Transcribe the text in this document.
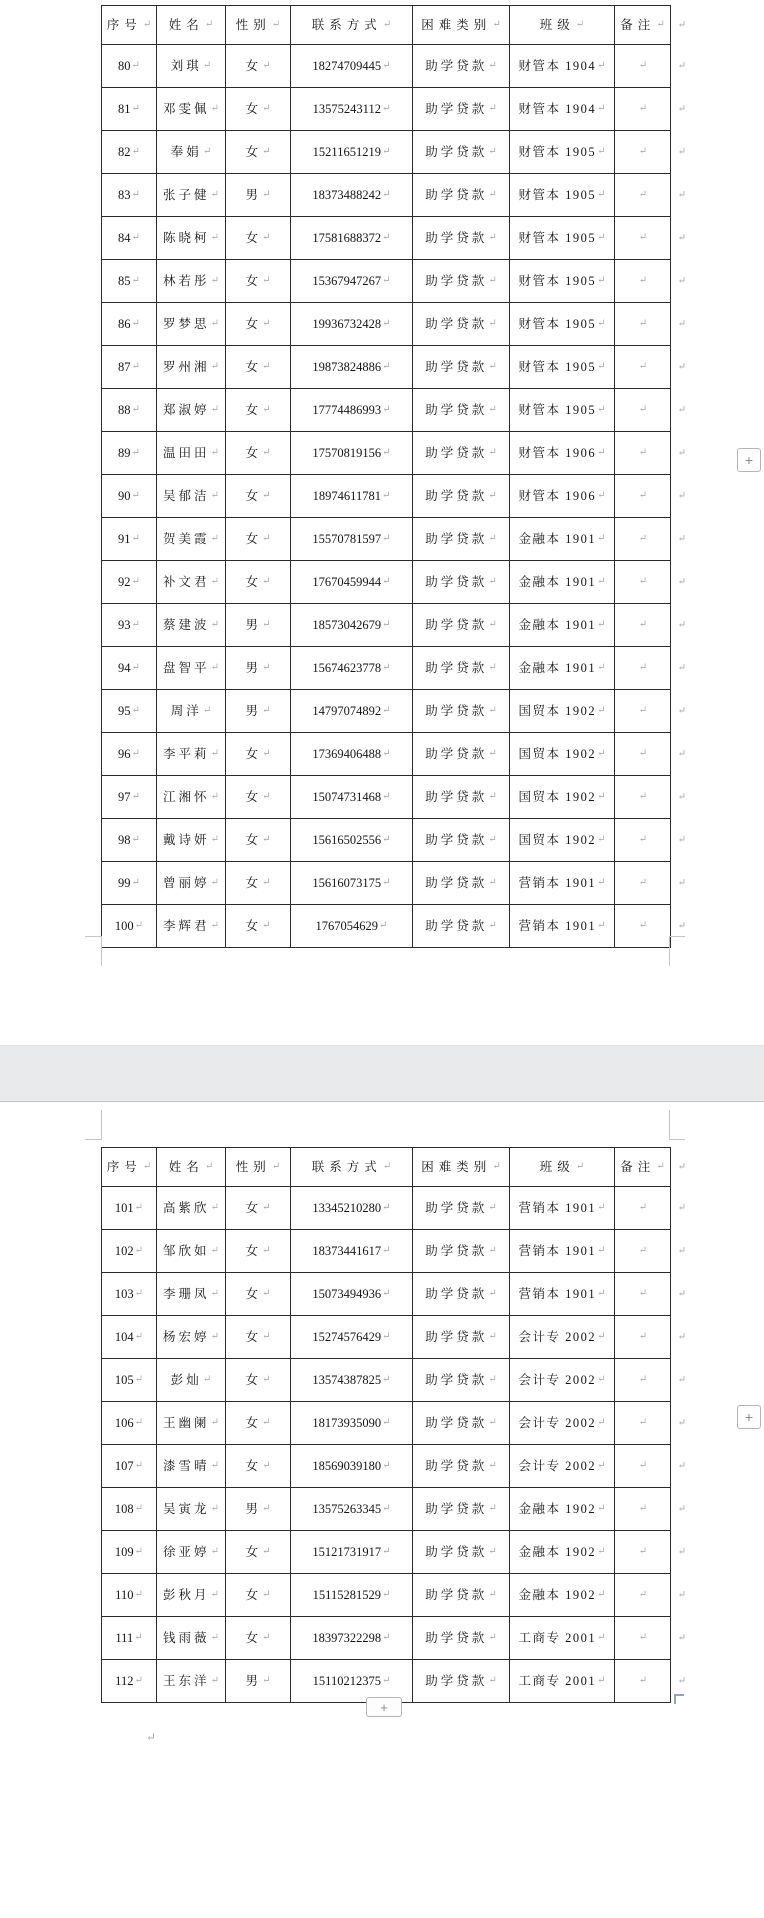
序号 ↵ 姓名 ↵ 性别 ↵	联系方式 ↵ 困难类别 ↵	班级 ↵	备注 ↵ ↵
80 ↵ 刘琪 ↵	女 ↵	18274709445 ↵	助学贷款 ↵ 财管本 1904 ↵	↵	↵
81 ↵ 邓雯佩 ↵ 女 ↵	13575243112 ↵	助学贷款 ↵ 财管本 1904 ↵	↵	↵
82 ↵ 奉娟 ↵	女 ↵	15211651219 ↵	助学贷款 ↵ 财管本 1905 ↵	↵	↵
83 ↵ 张子健 ↵ 男 ↵	18373488242 ↵	助学贷款 ↵ 财管本 1905 ↵	↵	↵
84 ↵ 陈晓柯 ↵ 女 ↵	17581688372 ↵	助学贷款 ↵ 财管本 1905 ↵	↵	↵
85 ↵ 林若彤 ↵ 女 ↵	15367947267 ↵	助学贷款 ↵ 财管本 1905 ↵	↵	↵
86 ↵ 罗梦思 ↵ 女 ↵	19936732428 ↵	助学贷款 ↵ 财管本 1905 ↵	↵	↵
87 ↵ 罗州湘 ↵ 女 ↵	19873824886 ↵	助学贷款 ↵ 财管本 1905 ↵	↵	↵
88 ↵ 郑淑婷 ↵ 女 ↵	17774486993 ↵	助学贷款 ↵ 财管本 1905 ↵	↵	↵
89 ↵ 温田田 ↵ 女 ↵	17570819156 ↵	助学贷款 ↵ 财管本 1906 ↵	↵	↵
90 ↵ 吴郁洁 ↵ 女 ↵	18974611781 ↵	助学贷款 ↵ 财管本 1906 ↵	↵	↵
91 ↵ 贺美霞 ↵ 女 ↵	15570781597 ↵	助学贷款 ↵ 金融本 1901 ↵	↵	↵
92 ↵ 补文君 ↵ 女 ↵	17670459944 ↵	助学贷款 ↵ 金融本 1901 ↵	↵	↵
93 ↵ 蔡建波 ↵ 男 ↵	18573042679 ↵	助学贷款 ↵ 金融本 1901 ↵	↵	↵
94 ↵ 盘智平 ↵ 男 ↵	15674623778 ↵	助学贷款 ↵ 金融本 1901 ↵	↵	↵
95 ↵ 周洋 ↵	男 ↵	14797074892 ↵	助学贷款 ↵ 国贸本 1902 ↵	↵	↵
96 ↵ 李平莉 ↵ 女 ↵	17369406488 ↵	助学贷款 ↵ 国贸本 1902 ↵	↵	↵
97 ↵ 江湘怀 ↵ 女 ↵	15074731468 ↵	助学贷款 ↵ 国贸本 1902 ↵	↵	↵
98 ↵ 戴诗妍 ↵ 女 ↵	15616502556 ↵	助学贷款 ↵ 国贸本 1902 ↵	↵	↵
99 ↵ 曾丽婷 ↵ 女 ↵	15616073175 ↵	助学贷款 ↵ 营销本 1901 ↵	↵	↵
100 ↵ 李辉君 ↵ 女 ↵	1767054629 ↵	助学贷款 ↵ 营销本 1901 ↵	↵	↵
序号 ↵ 姓名 ↵ 性别 ↵	联系方式 ↵ 困难类别 ↵	班级 ↵	备注 ↵ ↵
101 ↵ 高紫欣 ↵ 女 ↵	13345210280 ↵	助学贷款 ↵ 营销本 1901 ↵	↵	↵
102 ↵ 邹欣如 ↵ 女 ↵	18373441617 ↵	助学贷款 ↵ 营销本 1901 ↵	↵	↵
103 ↵ 李珊凤 ↵ 女 ↵	15073494936 ↵	助学贷款 ↵ 营销本 1901 ↵	↵	↵
104 ↵ 杨宏婷 ↵ 女 ↵	15274576429 ↵	助学贷款 ↵ 会计专 2002 ↵	↵	↵
105 ↵ 彭灿 ↵	女 ↵	13574387825 ↵	助学贷款 ↵ 会计专 2002 ↵	↵	↵
106 ↵ 王幽阑 ↵ 女 ↵	18173935090 ↵	助学贷款 ↵ 会计专 2002 ↵	↵	↵
107 ↵ 漆雪晴 ↵ 女 ↵	18569039180 ↵	助学贷款 ↵ 会计专 2002 ↵	↵	↵
108 ↵ 吴寅龙 ↵ 男 ↵	13575263345 ↵	助学贷款 ↵ 金融本 1902 ↵	↵	↵
109 ↵ 徐亚婷 ↵ 女 ↵	15121731917 ↵	助学贷款 ↵ 金融本 1902 ↵	↵	↵
110 ↵ 彭秋月 ↵ 女 ↵	15115281529 ↵	助学贷款 ↵ 金融本 1902 ↵	↵	↵
111 ↵ 钱雨薇 ↵ 女 ↵	18397322298 ↵	助学贷款 ↵ 工商专 2001 ↵	↵	↵
112 ↵ 王东洋 ↵ 男 ↵	15110212375 ↵	助学贷款 ↵ 工商专 2001 ↵	↵	↵
+
+
+
↵
